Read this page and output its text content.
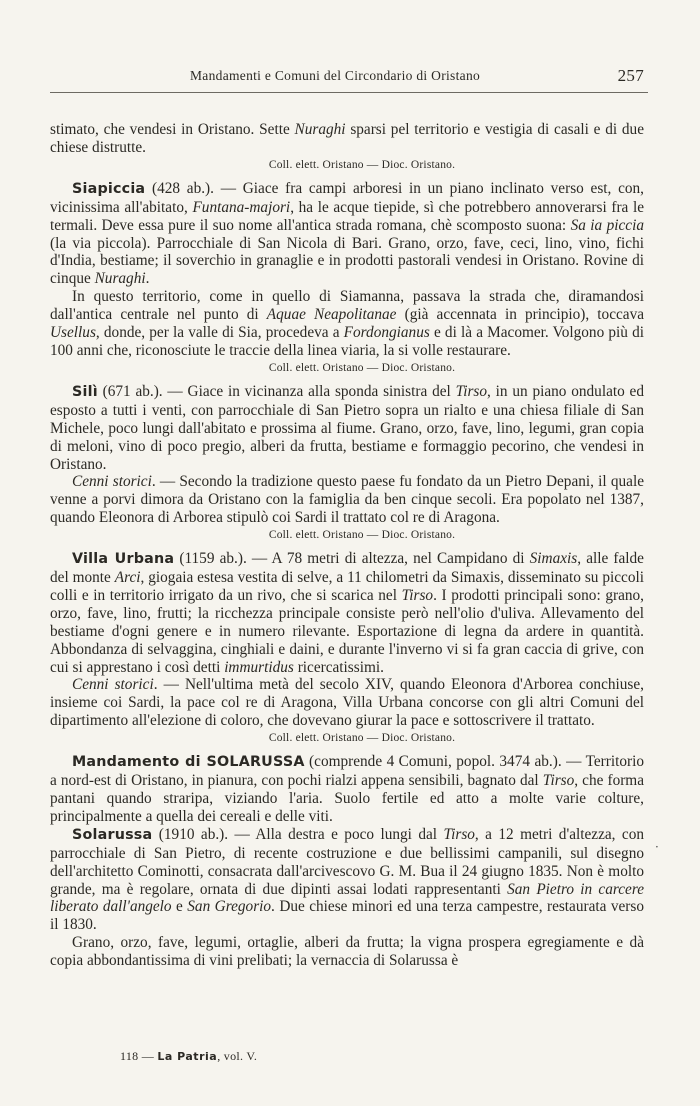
Mandamenti e Comuni del Circondario di Oristano	257

stimato, che vendesi in Oristano. Sette Nuraghi sparsi pel territorio e vestigia di casali e di due chiese distrutte.

Coll. elett. Oristano — Dioc. Oristano.

Siapiccia (428 ab.). — Giace fra campi arboresi in un piano inclinato verso est, con, vicinissima all'abitato, Funtana-majori, ha le acque tiepide, sì che potrebbero annoverarsi fra le termali. Deve essa pure il suo nome all'antica strada romana, chè scomposto suona: Sa ia piccia (la via piccola). Parrocchiale di San Nicola di Bari. Grano, orzo, fave, ceci, lino, vino, fichi d'India, bestiame; il soverchio in granaglie e in prodotti pastorali vendesi in Oristano. Rovine di cinque Nuraghi.

In questo territorio, come in quello di Siamanna, passava la strada che, diramandosi dall'antica centrale nel punto di Aquae Neapolitanae (già accennata in principio), toccava Usellus, donde, per la valle di Sia, procedeva a Fordongianus e di là a Macomer. Volgono più di 100 anni che, riconosciute le traccie della linea viaria, la si volle restaurare.

Coll. elett. Oristano — Dioc. Oristano.

Silì (671 ab.). — Giace in vicinanza alla sponda sinistra del Tirso, in un piano ondulato ed esposto a tutti i venti, con parrocchiale di San Pietro sopra un rialto e una chiesa filiale di San Michele, poco lungi dall'abitato e prossima al fiume. Grano, orzo, fave, lino, legumi, gran copia di meloni, vino di poco pregio, alberi da frutta, bestiame e formaggio pecorino, che vendesi in Oristano.

Cenni storici. — Secondo la tradizione questo paese fu fondato da un Pietro Depani, il quale venne a porvi dimora da Oristano con la famiglia da ben cinque secoli. Era popolato nel 1387, quando Eleonora di Arborea stipulò coi Sardi il trattato col re di Aragona.

Coll. elett. Oristano — Dioc. Oristano.

Villa Urbana (1159 ab.). — A 78 metri di altezza, nel Campidano di Simaxis, alle falde del monte Arci, giogaia estesa vestita di selve, a 11 chilometri da Simaxis, disseminato su piccoli colli e in territorio irrigato da un rivo, che si scarica nel Tirso. I prodotti principali sono: grano, orzo, fave, lino, frutti; la ricchezza principale consiste però nell'olio d'uliva. Allevamento del bestiame d'ogni genere e in numero rilevante. Esportazione di legna da ardere in quantità. Abbondanza di selvaggina, cinghiali e daini, e durante l'inverno vi si fa gran caccia di grive, con cui si apprestano i così detti immurtidus ricercatissimi.

Cenni storici. — Nell'ultima metà del secolo XIV, quando Eleonora d'Arborea conchiuse, insieme coi Sardi, la pace col re di Aragona, Villa Urbana concorse con gli altri Comuni del dipartimento all'elezione di coloro, che dovevano giurar la pace e sottoscrivere il trattato.

Coll. elett. Oristano — Dioc. Oristano.

Mandamento di SOLARUSSA (comprende 4 Comuni, popol. 3474 ab.). — Territorio a nord-est di Oristano, in pianura, con pochi rialzi appena sensibili, bagnato dal Tirso, che forma pantani quando straripa, viziando l'aria. Suolo fertile ed atto a molte varie colture, principalmente a quella dei cereali e delle viti.

Solarussa (1910 ab.). — Alla destra e poco lungi dal Tirso, a 12 metri d'altezza, con parrocchiale di San Pietro, di recente costruzione e due bellissimi campanili, sul disegno dell'architetto Cominotti, consacrata dall'arcivescovo G. M. Bua il 24 giugno 1835. Non è molto grande, ma è regolare, ornata di due dipinti assai lodati rappresentanti San Pietro in carcere liberato dall'angelo e San Gregorio. Due chiese minori ed una terza campestre, restaurata verso il 1830.

Grano, orzo, fave, legumi, ortaglie, alberi da frutta; la vigna prospera egregiamente e dà copia abbondantissima di vini prelibati; la vernaccia di Solarussa è

·
118 — La Patria, vol. V.
